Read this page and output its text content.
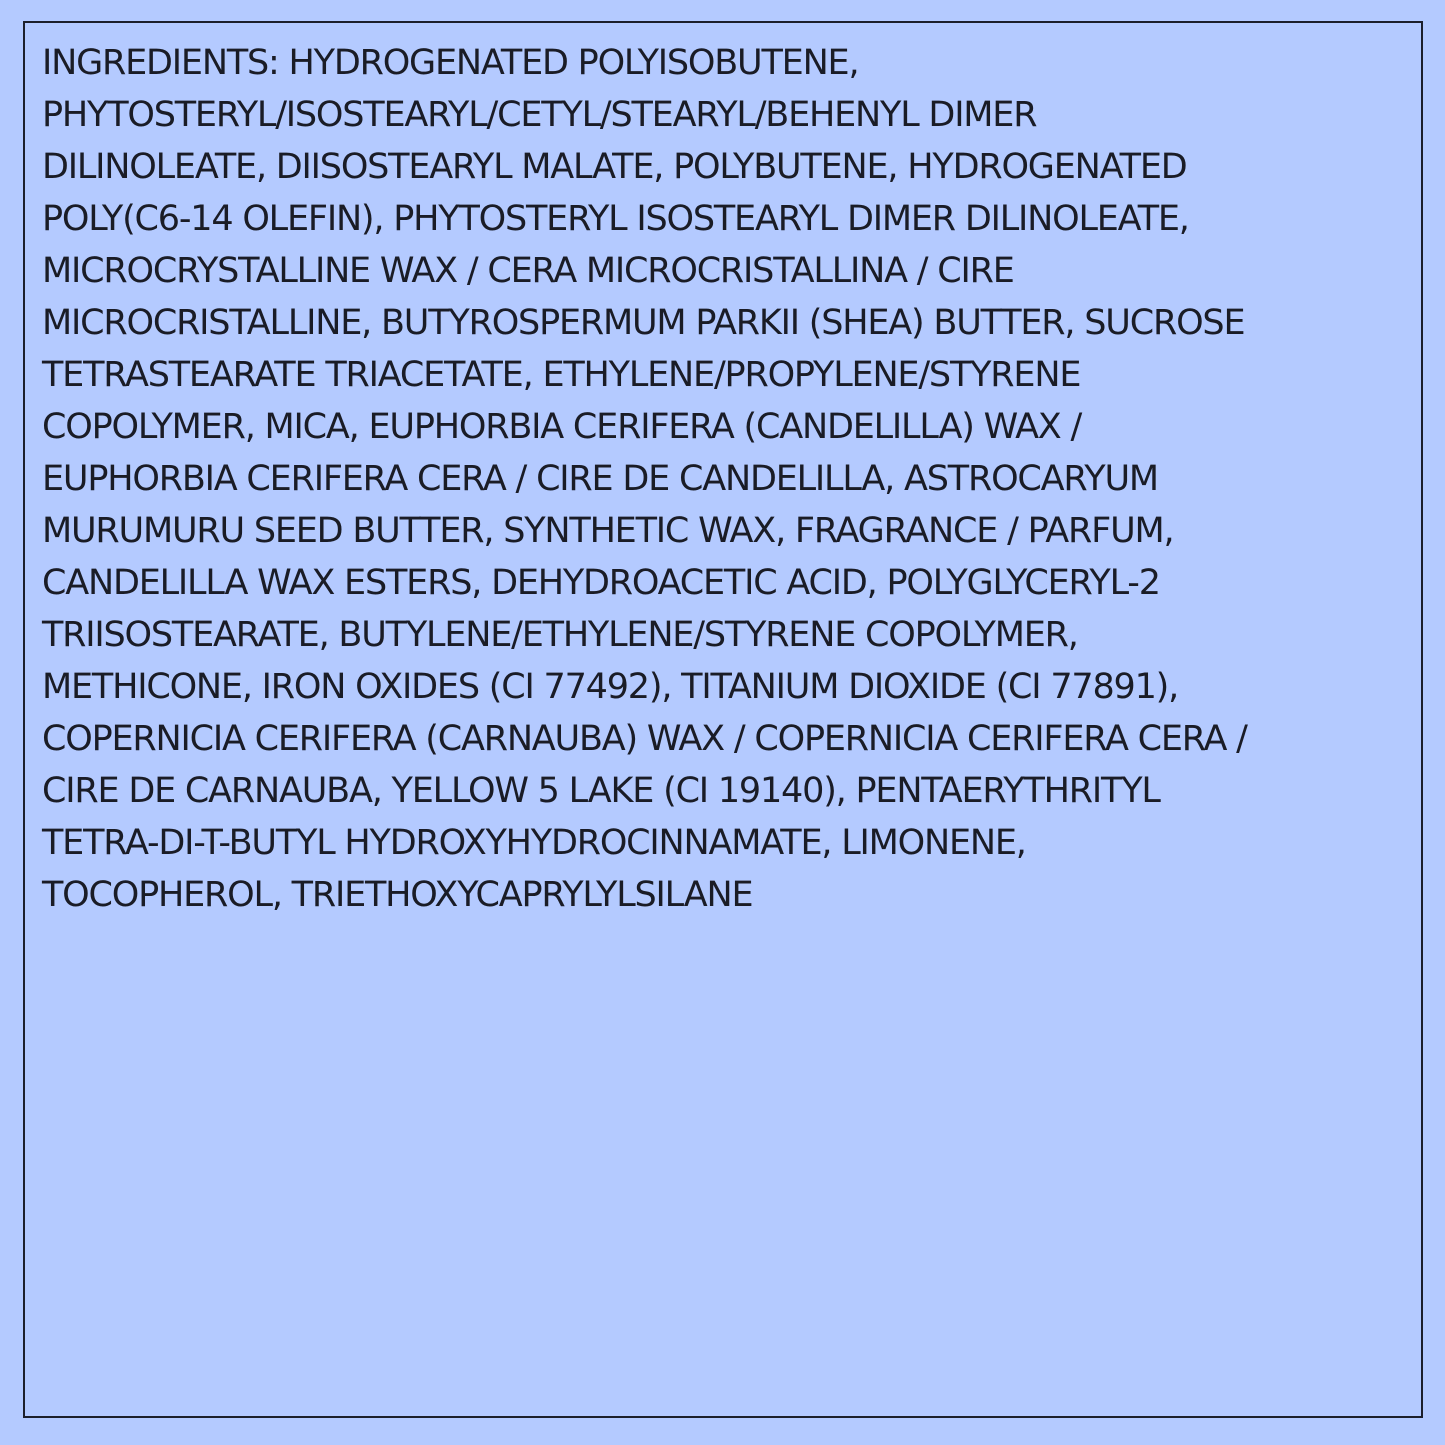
INGREDIENTS: HYDROGENATED POLYISOBUTENE,
PHYTOSTERYL/ISOSTEARYL/CETYL/STEARYL/BEHENYL DIMER
DILINOLEATE, DIISOSTEARYL MALATE, POLYBUTENE, HYDROGENATED
POLY(C6-14 OLEFIN), PHYTOSTERYL ISOSTEARYL DIMER DILINOLEATE,
MICROCRYSTALLINE WAX / CERA MICROCRISTALLINA / CIRE
MICROCRISTALLINE, BUTYROSPERMUM PARKII (SHEA) BUTTER, SUCROSE
TETRASTEARATE TRIACETATE, ETHYLENE/PROPYLENE/STYRENE
COPOLYMER, MICA, EUPHORBIA CERIFERA (CANDELILLA) WAX /
EUPHORBIA CERIFERA CERA / CIRE DE CANDELILLA, ASTROCARYUM
MURUMURU SEED BUTTER, SYNTHETIC WAX, FRAGRANCE / PARFUM,
CANDELILLA WAX ESTERS, DEHYDROACETIC ACID, POLYGLYCERYL-2
TRIISOSTEARATE, BUTYLENE/ETHYLENE/STYRENE COPOLYMER,
METHICONE, IRON OXIDES (CI 77492), TITANIUM DIOXIDE (CI 77891),
COPERNICIA CERIFERA (CARNAUBA) WAX / COPERNICIA CERIFERA CERA /
CIRE DE CARNAUBA, YELLOW 5 LAKE (CI 19140), PENTAERYTHRITYL
TETRA-DI-T-BUTYL HYDROXYHYDROCINNAMATE, LIMONENE,
TOCOPHEROL, TRIETHOXYCAPRYLYLSILANE
